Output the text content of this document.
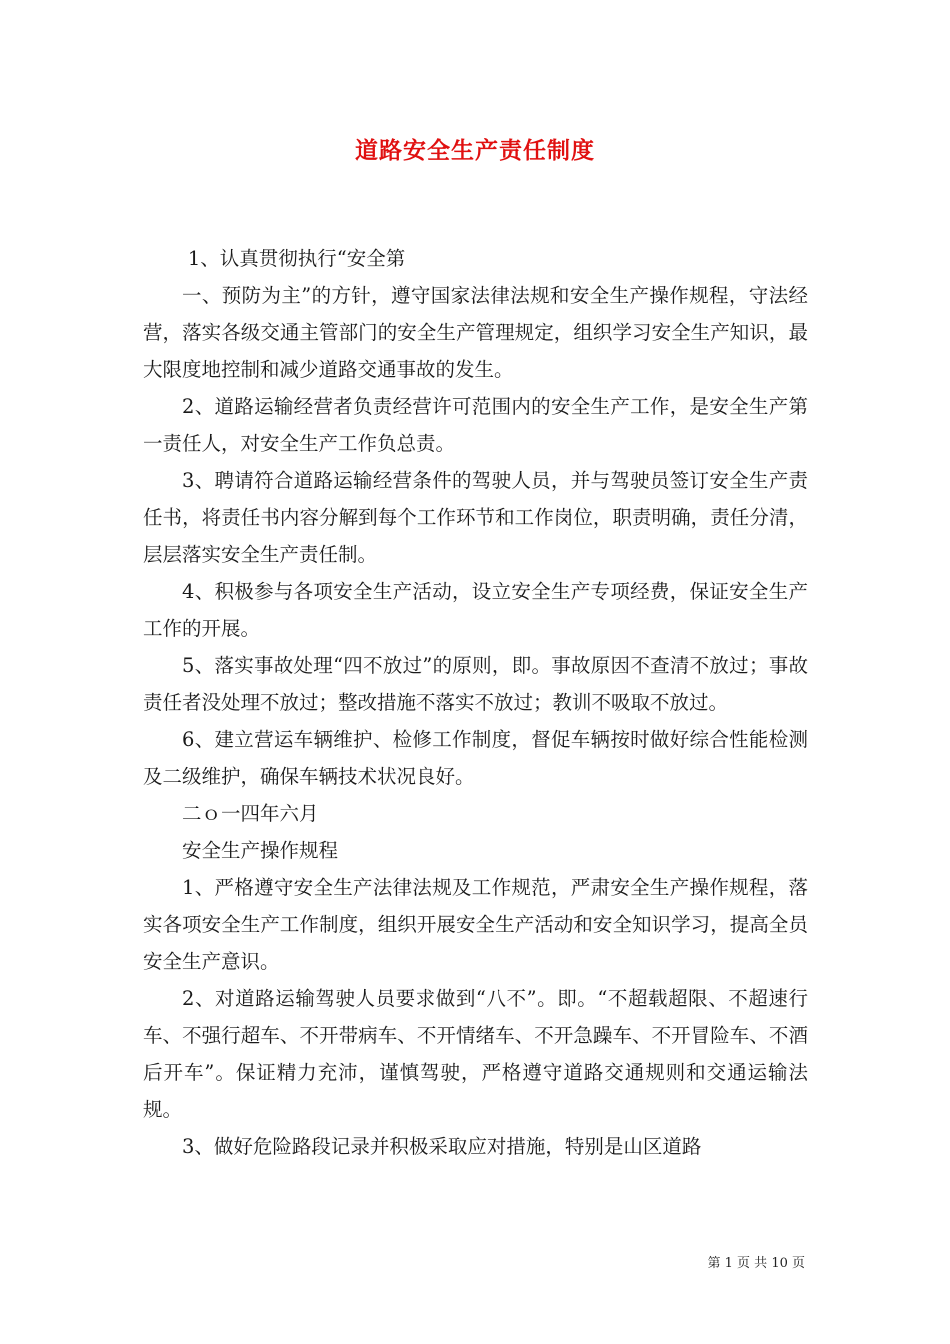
道路安全生产责任制度

1、认真贯彻执行“安全第

一、预防为主”的方针，遵守国家法律法规和安全生产操作规程，守法经营，落实各级交通主管部门的安全生产管理规定，组织学习安全生产知识，最大限度地控制和减少道路交通事故的发生。

2、道路运输经营者负责经营许可范围内的安全生产工作，是安全生产第一责任人，对安全生产工作负总责。

3、聘请符合道路运输经营条件的驾驶人员，并与驾驶员签订安全生产责任书，将责任书内容分解到每个工作环节和工作岗位，职责明确，责任分清，层层落实安全生产责任制。

4、积极参与各项安全生产活动，设立安全生产专项经费，保证安全生产工作的开展。

5、落实事故处理“四不放过”的原则，即。事故原因不查清不放过；事故责任者没处理不放过；整改措施不落实不放过；教训不吸取不放过。

6、建立营运车辆维护、检修工作制度，督促车辆按时做好综合性能检测及二级维护，确保车辆技术状况良好。

二ｏ一四年六月

安全生产操作规程

1、严格遵守安全生产法律法规及工作规范，严肃安全生产操作规程，落实各项安全生产工作制度，组织开展安全生产活动和安全知识学习，提高全员安全生产意识。

2、对道路运输驾驶人员要求做到“八不”。即。“不超载超限、不超速行车、不强行超车、不开带病车、不开情绪车、不开急躁车、不开冒险车、不酒后开车”。保证精力充沛，谨慎驾驶，严格遵守道路交通规则和交通运输法规。

3、做好危险路段记录并积极采取应对措施，特别是山区道路

第 1 页 共 10 页
